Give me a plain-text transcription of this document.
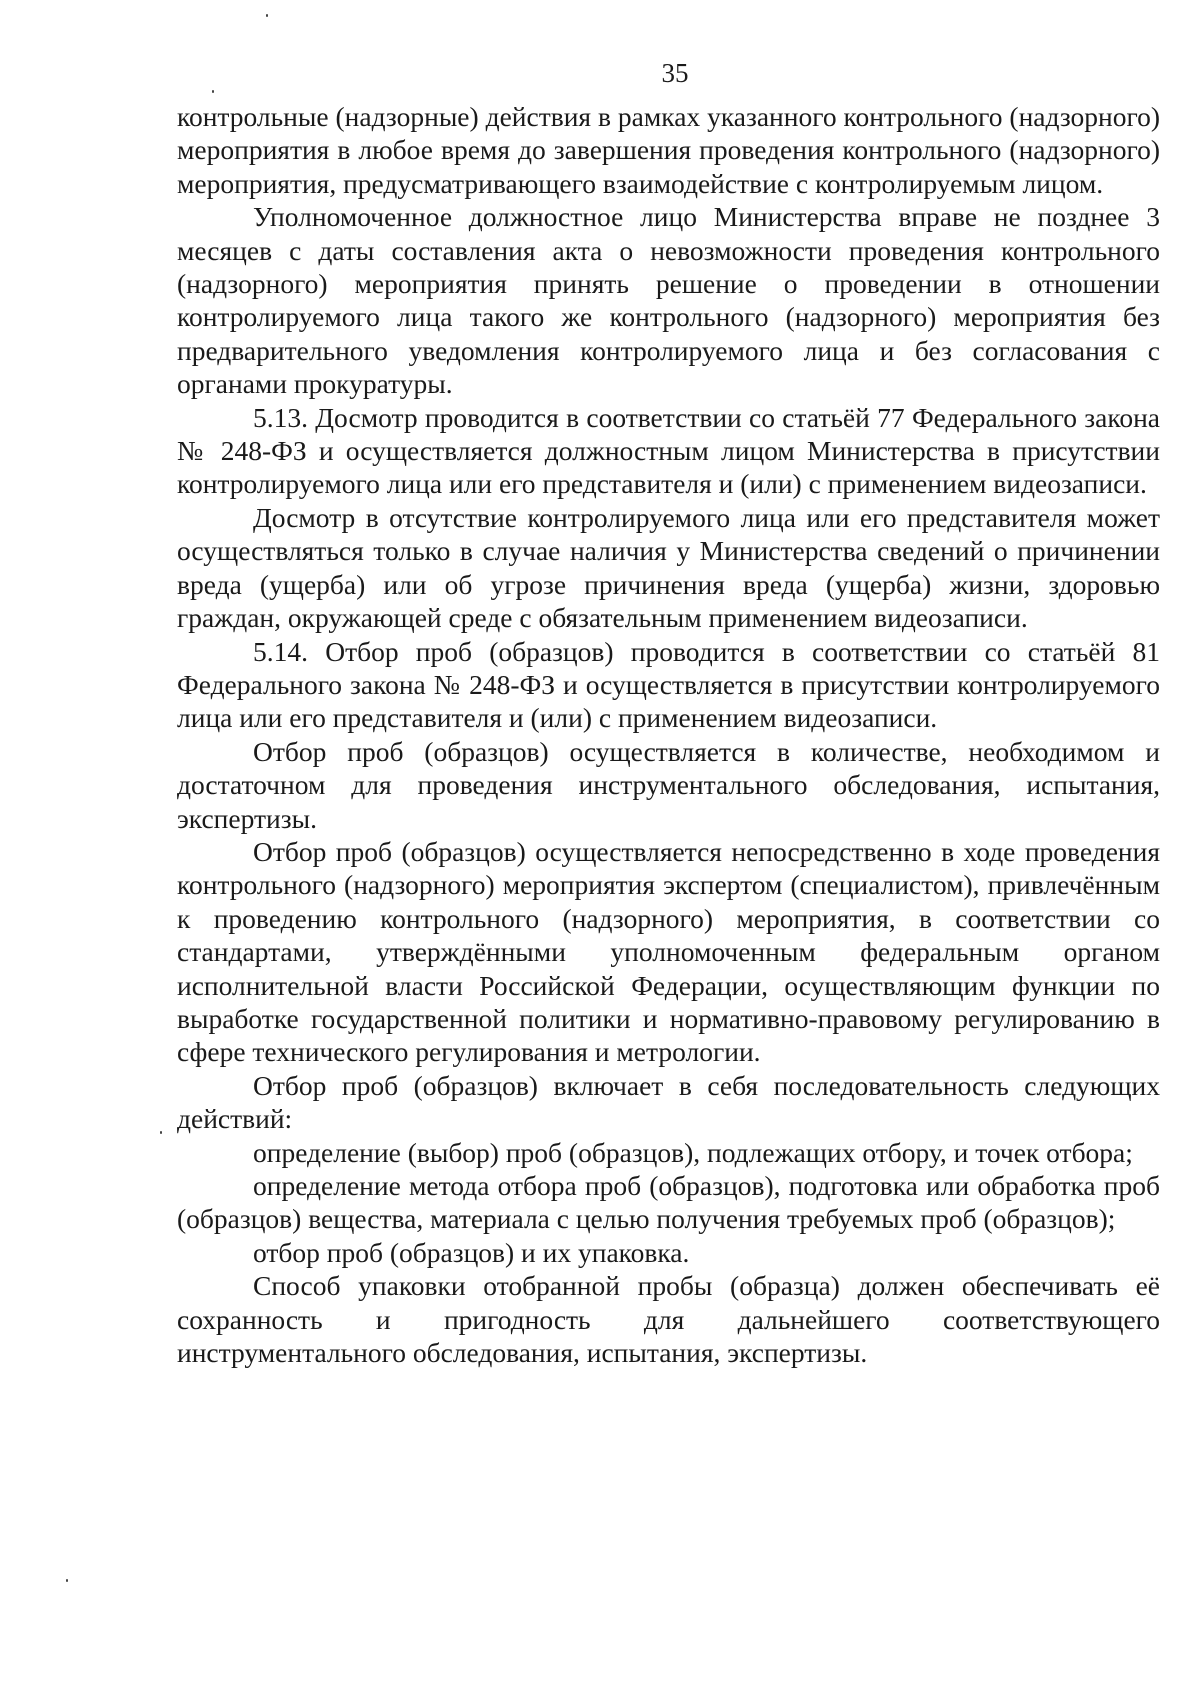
35

контрольные (надзорные) действия в рамках указанного контрольного (надзорного) мероприятия в любое время до завершения проведения контрольного (надзорного) мероприятия, предусматривающего взаимодействие с контролируемым лицом.

Уполномоченное должностное лицо Министерства вправе не позднее 3 месяцев с даты составления акта о невозможности проведения контрольного (надзорного) мероприятия принять решение о проведении в отношении контролируемого лица такого же контрольного (надзорного) мероприятия без предварительного уведомления контролируемого лица и без согласования с органами прокуратуры.

5.13. Досмотр проводится в соответствии со статьёй 77 Федерального закона № 248-ФЗ и осуществляется должностным лицом Министерства в присутствии контролируемого лица или его представителя и (или) с применением видеозаписи.

Досмотр в отсутствие контролируемого лица или его представителя может осуществляться только в случае наличия у Министерства сведений о причинении вреда (ущерба) или об угрозе причинения вреда (ущерба) жизни, здоровью граждан, окружающей среде с обязательным применением видеозаписи.

5.14. Отбор проб (образцов) проводится в соответствии со статьёй 81 Федерального закона № 248-ФЗ и осуществляется в присутствии контролируемого лица или его представителя и (или) с применением видеозаписи.

Отбор проб (образцов) осуществляется в количестве, необходимом и достаточном для проведения инструментального обследования, испытания, экспертизы.

Отбор проб (образцов) осуществляется непосредственно в ходе проведения контрольного (надзорного) мероприятия экспертом (специалистом), привлечённым к проведению контрольного (надзорного) мероприятия, в соответствии со стандартами, утверждёнными уполномоченным федеральным органом исполнительной власти Российской Федерации, осуществляющим функции по выработке государственной политики и нормативно-правовому регулированию в сфере технического регулирования и метрологии.

Отбор проб (образцов) включает в себя последовательность следующих действий:

определение (выбор) проб (образцов), подлежащих отбору, и точек отбора;

определение метода отбора проб (образцов), подготовка или обработка проб (образцов) вещества, материала с целью получения требуемых проб (образцов);

отбор проб (образцов) и их упаковка.

Способ упаковки отобранной пробы (образца) должен обеспечивать её сохранность и пригодность для дальнейшего соответствующего инструментального обследования, испытания, экспертизы.
